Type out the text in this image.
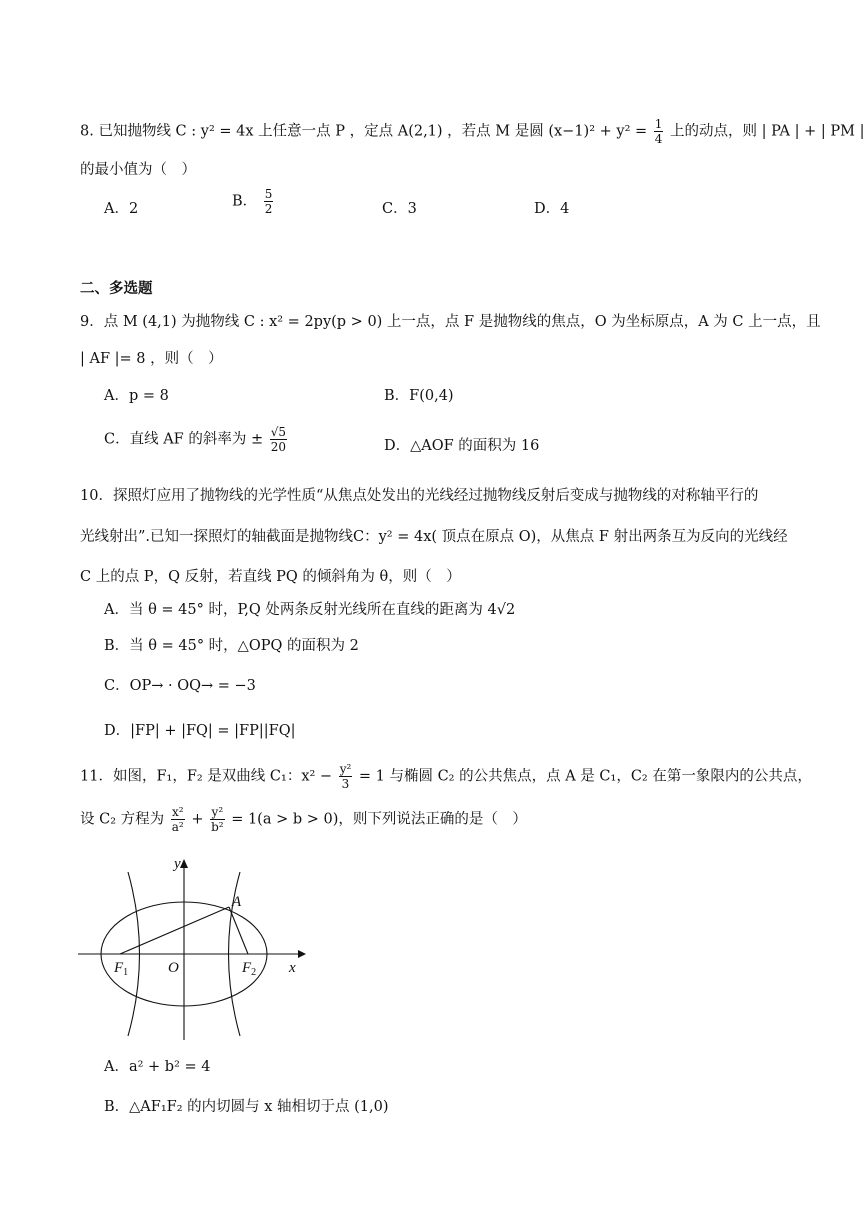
8. 已知抛物线 C : y² = 4x 上任意一点 P ，定点 A(2,1) ，若点 M 是圆 $(x-1)^2 + y^2 = \frac{1}{4}$ 上的动点，则 | PA | + | PM |
的最小值为（　）
A．2	B． $\frac{5}{2}$	C．3	D．4
二、多选题
9．点 M (4,1) 为抛物线 C : x² = 2py(p > 0) 上一点，点 F 是抛物线的焦点，O 为坐标原点，A 为 C 上一点，且
| AF |= 8 ，则（　）
A．p = 8	B．F(0,4)
C．直线 AF 的斜率为 ± $\frac{√5}{20}$	D．△AOF 的面积为 16
10．探照灯应用了抛物线的光学性质“从焦点处发出的光线经过抛物线反射后变成与抛物线的对称轴平行的
光线射出”.已知一探照灯的轴截面是抛物线C：y² = 4x( 顶点在原点 O)，从焦点 F 射出两条互为反向的光线经
C 上的点 P，Q 反射，若直线 PQ 的倾斜角为 θ，则（　）
A．当 θ = 45° 时，P,Q 处两条反射光线所在直线的距离为 4√2
B．当 θ = 45° 时，△OPQ 的面积为 2
C．OP→ · OQ→ = −3
D．|FP| + |FQ| = |FP||FQ|
11．如图，F₁，F₂ 是双曲线 C₁：$x^2 - \frac{\text{y²}}{3} = 1$ 与椭圆 C₂ 的公共焦点，点 A 是 C₁，C₂ 在第一象限内的公共点，
设 C₂ 方程为 $\frac{\text{x²}}{\text{a²}} + \frac{\text{y²}}{\text{b²}} = 1(a > b > 0)$，则下列说法正确的是（　）
y
x
A
O
$F_1$	$F_2$
A．a² + b² = 4
B．△AF₁F₂ 的内切圆与 x 轴相切于点 (1,0)
